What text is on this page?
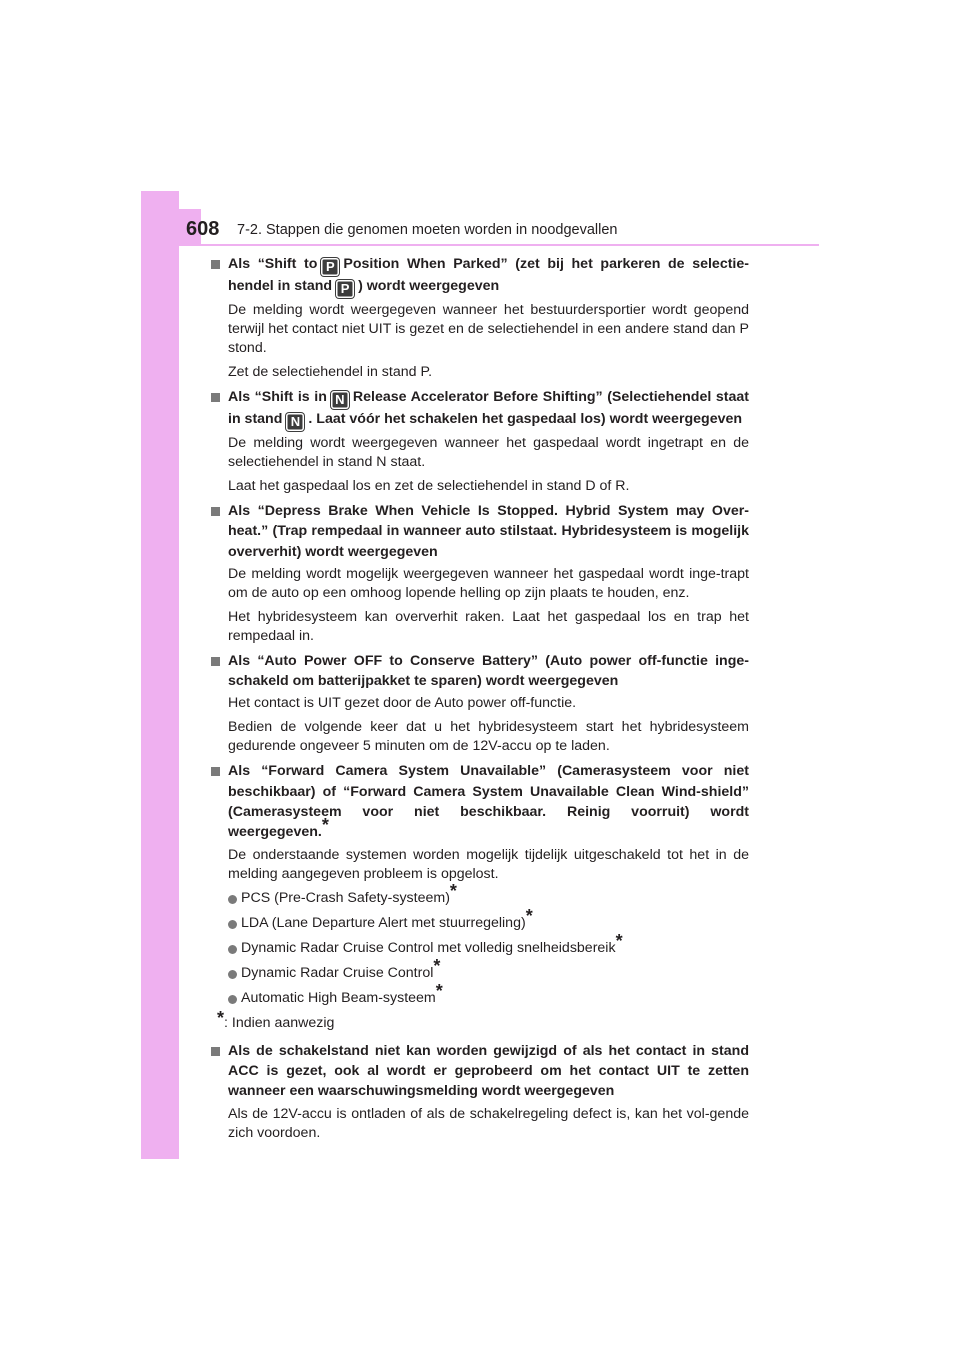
608 7-2. Stappen die genomen moeten worden in noodgevallen
Als “Shift to P Position When Parked” (zet bij het parkeren de selectie-hendel in stand P ) wordt weergegeven
De melding wordt weergegeven wanneer het bestuurdersportier wordt geopend terwijl het contact niet UIT is gezet en de selectiehendel in een andere stand dan P stond.
Zet de selectiehendel in stand P.
Als “Shift is in N Release Accelerator Before Shifting” (Selectiehendel staat in stand N . Laat vóór het schakelen het gaspedaal los) wordt weergegeven
De melding wordt weergegeven wanneer het gaspedaal wordt ingetrapt en de selectiehendel in stand N staat.
Laat het gaspedaal los en zet de selectiehendel in stand D of R.
Als “Depress Brake When Vehicle Is Stopped. Hybrid System may Over-heat.” (Trap rempedaal in wanneer auto stilstaat. Hybridesysteem is mogelijk oververhit) wordt weergegeven
De melding wordt mogelijk weergegeven wanneer het gaspedaal wordt inge-trapt om de auto op een omhoog lopende helling op zijn plaats te houden, enz.
Het hybridesysteem kan oververhit raken. Laat het gaspedaal los en trap het rempedaal in.
Als “Auto Power OFF to Conserve Battery” (Auto power off-functie inge-schakeld om batterijpakket te sparen) wordt weergegeven
Het contact is UIT gezet door de Auto power off-functie.
Bedien de volgende keer dat u het hybridesysteem start het hybridesysteem gedurende ongeveer 5 minuten om de 12V-accu op te laden.
Als “Forward Camera System Unavailable” (Camerasysteem voor niet beschikbaar) of “Forward Camera System Unavailable Clean Wind-shield” (Camerasysteem voor niet beschikbaar. Reinig voorruit) wordt weergegeven.*
De onderstaande systemen worden mogelijk tijdelijk uitgeschakeld tot het in de melding aangegeven probleem is opgelost.
PCS (Pre-Crash Safety-systeem)*
LDA (Lane Departure Alert met stuurregeling)*
Dynamic Radar Cruise Control met volledig snelheidsbereik*
Dynamic Radar Cruise Control*
Automatic High Beam-systeem*
*: Indien aanwezig
Als de schakelstand niet kan worden gewijzigd of als het contact in stand ACC is gezet, ook al wordt er geprobeerd om het contact UIT te zetten wanneer een waarschuwingsmelding wordt weergegeven
Als de 12V-accu is ontladen of als de schakelregeling defect is, kan het vol-gende zich voordoen.
